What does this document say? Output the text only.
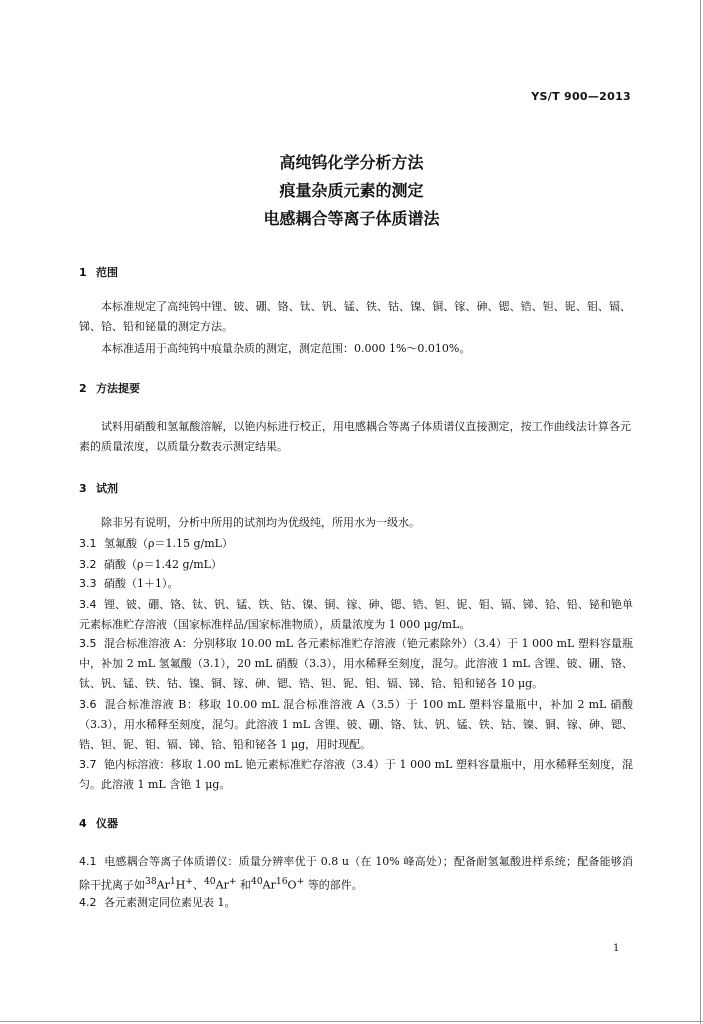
YS/T 900—2013
高纯钨化学分析方法
痕量杂质元素的测定
电感耦合等离子体质谱法
1 范围

本标准规定了高纯钨中锂、铍、硼、铬、钛、钒、锰、铁、钴、镍、铜、镓、砷、锶、锆、钽、铌、钼、镉、锑、铪、铅和铋量的测定方法。

本标准适用于高纯钨中痕量杂质的测定，测定范围：0.000 1%～0.010%。

2 方法提要

试料用硝酸和氢氟酸溶解，以铯内标进行校正，用电感耦合等离子体质谱仪直接测定，按工作曲线法计算各元素的质量浓度，以质量分数表示测定结果。

3 试剂

除非另有说明，分析中所用的试剂均为优级纯，所用水为一级水。

3.1 氢氟酸（ρ＝1.15 g/mL）

3.2 硝酸（ρ＝1.42 g/mL）

3.3 硝酸（1＋1）。

3.4 锂、铍、硼、铬、钛、钒、锰、铁、钴、镍、铜、镓、砷、锶、锆、钽、铌、钼、镉、锑、铪、铅、铋和铯单元素标准贮存溶液（国家标准样品/国家标准物质），质量浓度为 1 000 μg/mL。

3.5 混合标准溶液 A：分别移取 10.00 mL 各元素标准贮存溶液（铯元素除外）（3.4）于 1 000 mL 塑料容量瓶中，补加 2 mL 氢氟酸（3.1），20 mL 硝酸（3.3），用水稀释至刻度，混匀。此溶液 1 mL 含锂、铍、硼、铬、钛、钒、锰、铁、钴、镍、铜、镓、砷、锶、锆、钽、铌、钼、镉、锑、铪、铅和铋各 10 μg。

3.6 混合标准溶液 B：移取 10.00 mL 混合标准溶液 A（3.5）于 100 mL 塑料容量瓶中，补加 2 mL 硝酸（3.3），用水稀释至刻度，混匀。此溶液 1 mL 含锂、铍、硼、铬、钛、钒、锰、铁、钴、镍、铜、镓、砷、锶、锆、钽、铌、钼、镉、锑、铪、铅和铋各 1 μg，用时现配。

3.7 铯内标溶液：移取 1.00 mL 铯元素标准贮存溶液（3.4）于 1 000 mL 塑料容量瓶中，用水稀释至刻度，混匀。此溶液 1 mL 含铯 1 μg。

4 仪器

4.1 电感耦合等离子体质谱仪：质量分辨率优于 0.8 u（在 10% 峰高处）；配备耐氢氟酸进样系统；配备能够消除干扰离子如$^{38}$Ar$^1$H+、$^{40}$Ar+ 和$^{40}$Ar$^{16}$O+ 等的部件。

4.2 各元素测定同位素见表 1。

1
